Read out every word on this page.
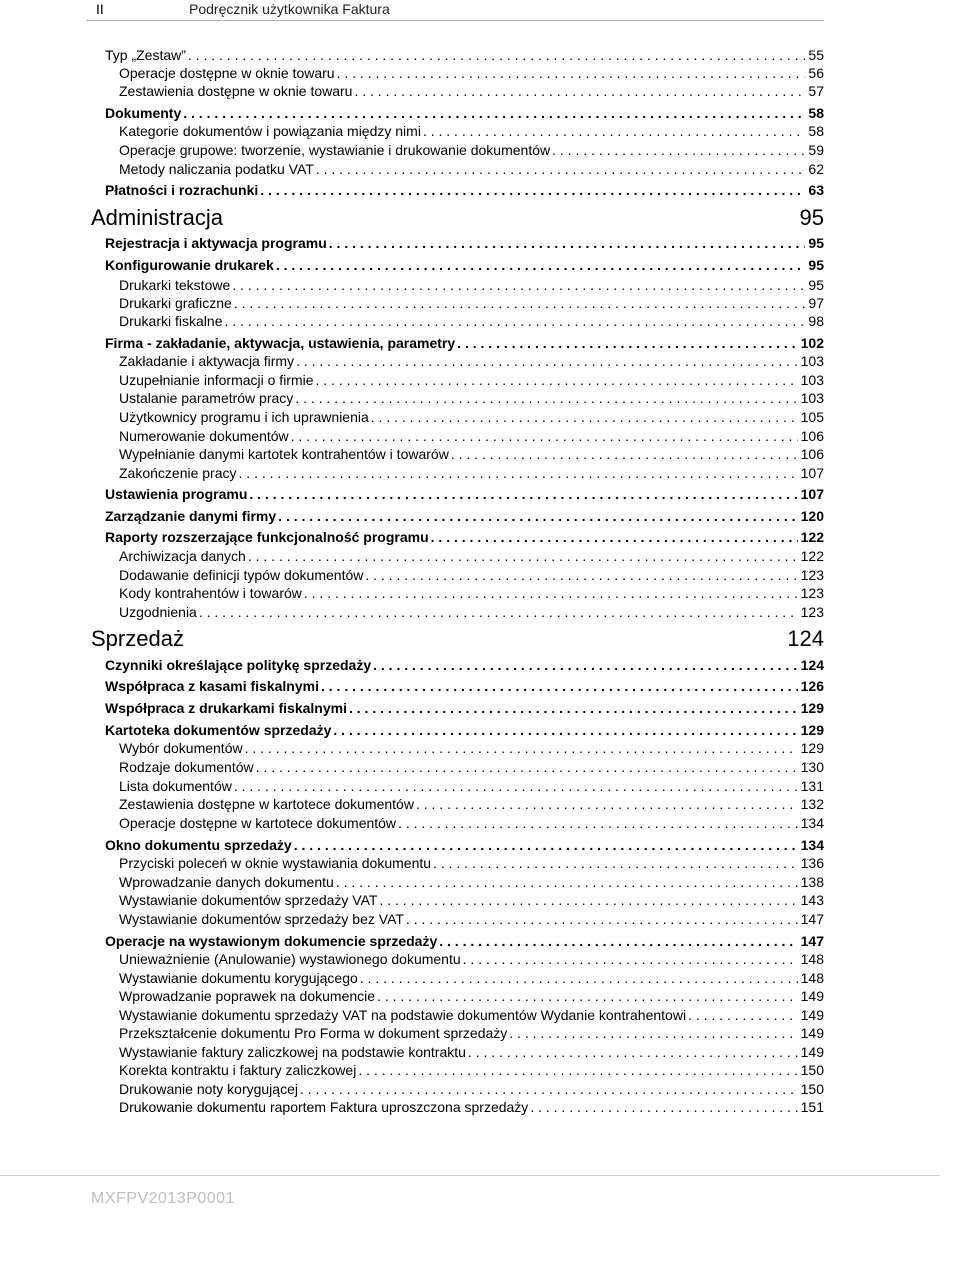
II	Podręcznik użytkownika Faktura
Typ „Zestaw” . . .	55
Operacje dostępne w oknie towaru . . .	56
Zestawienia dostępne w oknie towaru . . .	57
Dokumenty . . .	58
Kategorie dokumentów i powiązania między nimi . . .	58
Operacje grupowe: tworzenie, wystawianie i drukowanie dokumentów . . .	59
Metody naliczania podatku VAT . . .	62
Płatności i rozrachunki . . .	63
Administracja	95
Rejestracja i aktywacja programu . . .	95
Konfigurowanie drukarek . . .	95
Drukarki tekstowe . . .	95
Drukarki graficzne . . .	97
Drukarki fiskalne . . .	98
Firma - zakładanie, aktywacja, ustawienia, parametry . . .	102
Zakładanie i aktywacja firmy . . .	103
Uzupełnianie informacji o firmie . . .	103
Ustalanie parametrów pracy . . .	103
Użytkownicy programu i ich uprawnienia . . .	105
Numerowanie dokumentów . . .	106
Wypełnianie danymi kartotek kontrahentów i towarów . . .	106
Zakończenie pracy . . .	107
Ustawienia programu . . .	107
Zarządzanie danymi firmy . . .	120
Raporty rozszerzające funkcjonalność programu . . .	122
Archiwizacja danych . . .	122
Dodawanie definicji typów dokumentów . . .	123
Kody kontrahentów i towarów . . .	123
Uzgodnienia . . .	123
Sprzedaż	124
Czynniki określające politykę sprzedaży . . .	124
Współpraca z kasami fiskalnymi . . .	126
Współpraca z drukarkami fiskalnymi . . .	129
Kartoteka dokumentów sprzedaży . . .	129
Wybór dokumentów . . .	129
Rodzaje dokumentów . . .	130
Lista dokumentów . . .	131
Zestawienia dostępne w kartotece dokumentów . . .	132
Operacje dostępne w kartotece dokumentów . . .	134
Okno dokumentu sprzedaży . . .	134
Przyciski poleceń w oknie wystawiania dokumentu . . .	136
Wprowadzanie danych dokumentu . . .	138
Wystawianie dokumentów sprzedaży VAT . . .	143
Wystawianie dokumentów sprzedaży bez VAT . . .	147
Operacje na wystawionym dokumencie sprzedaży . . .	147
Unieważnienie (Anulowanie) wystawionego dokumentu . . .	148
Wystawianie dokumentu korygującego . . .	148
Wprowadzanie poprawek na dokumencie . . .	149
Wystawianie dokumentu sprzedaży VAT na podstawie dokumentów Wydanie kontrahentowi . . .	149
Przekształcenie dokumentu Pro Forma w dokument sprzedaży . . .	149
Wystawianie faktury zaliczkowej na podstawie kontraktu . . .	149
Korekta kontraktu i faktury zaliczkowej . . .	150
Drukowanie noty korygującej . . .	150
Drukowanie dokumentu raportem Faktura uproszczona sprzedaży . . .	151
MXFPV2013P0001
